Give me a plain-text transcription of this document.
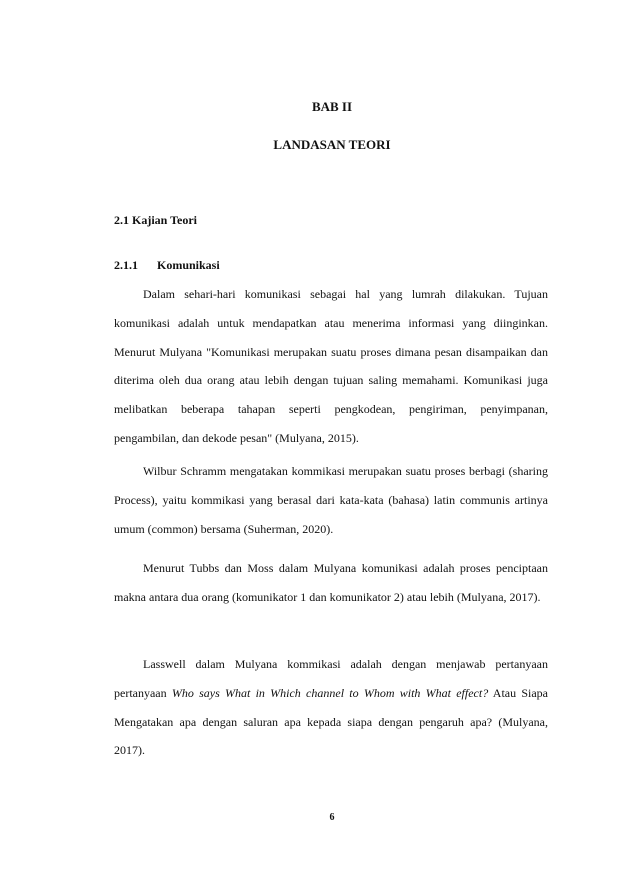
BAB II
LANDASAN TEORI
2.1 Kajian Teori
2.1.1 Komunikasi

Dalam sehari-hari komunikasi sebagai hal yang lumrah dilakukan. Tujuan komunikasi adalah untuk mendapatkan atau menerima informasi yang diinginkan. Menurut Mulyana "Komunikasi merupakan suatu proses dimana pesan disampaikan dan diterima oleh dua orang atau lebih dengan tujuan saling memahami. Komunikasi juga melibatkan beberapa tahapan seperti pengkodean, pengiriman, penyimpanan, pengambilan, dan dekode pesan" (Mulyana, 2015).

Wilbur Schramm mengatakan kommikasi merupakan suatu proses berbagi (sharing Process), yaitu kommikasi yang berasal dari kata-kata (bahasa) latin communis artinya umum (common) bersama (Suherman, 2020).

Menurut Tubbs dan Moss dalam Mulyana komunikasi adalah proses penciptaan makna antara dua orang (komunikator 1 dan komunikator 2) atau lebih (Mulyana, 2017).

Lasswell dalam Mulyana kommikasi adalah dengan menjawab pertanyaan pertanyaan Who says What in Which channel to Whom with What effect? Atau Siapa Mengatakan apa dengan saluran apa kepada siapa dengan pengaruh apa? (Mulyana, 2017).

6
